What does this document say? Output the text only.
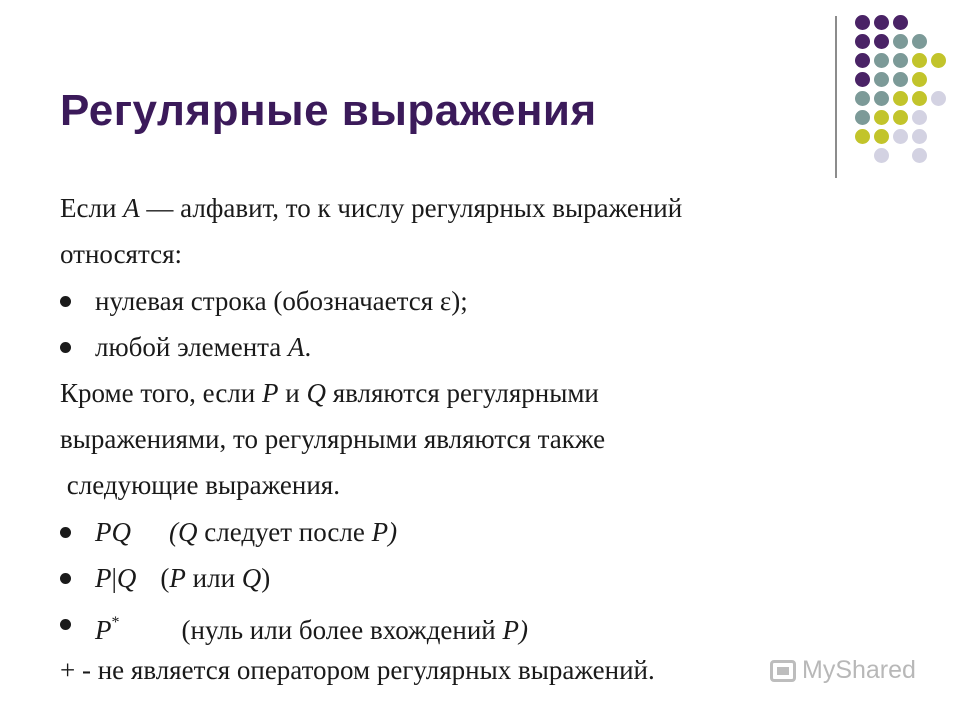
Регулярные выражения
Если A — алфавит, то к числу регулярных выражений
относятся:
нулевая строка (обозначается ε);
любой элемента A.
Кроме того, если P и Q являются регулярными
выражениями, то регулярными являются также
следующие выражения.
PQ (Q следует после P)
P|Q (P или Q)
P* (нуль или более вхождений P)
+ - не является оператором регулярных выражений.	MyShared
